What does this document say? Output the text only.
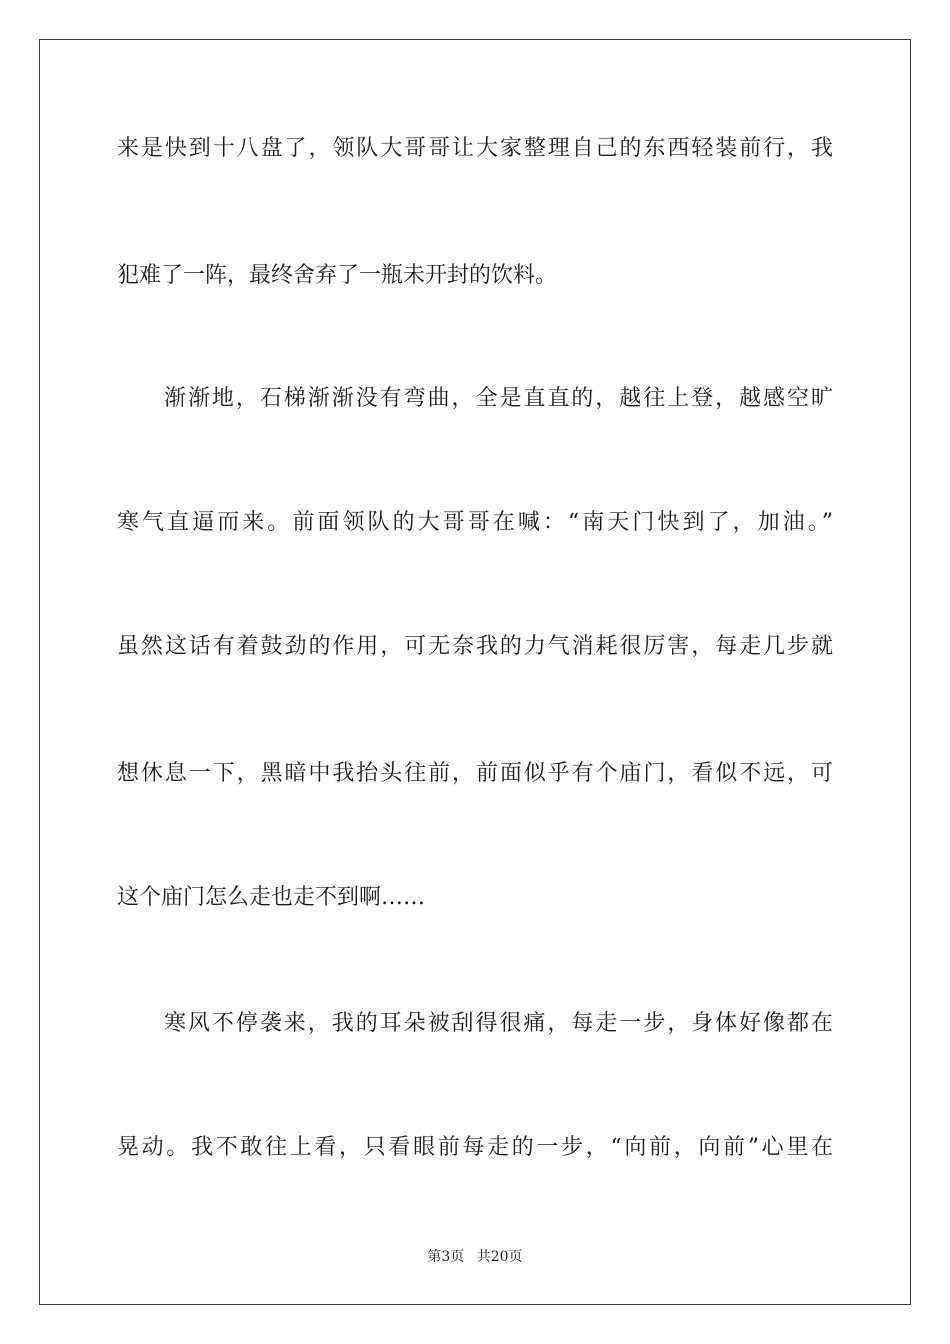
来是快到十八盘了，领队大哥哥让大家整理自己的东西轻装前行，我
犯难了一阵，最终舍弃了一瓶未开封的饮料。
渐渐地，石梯渐渐没有弯曲，全是直直的，越往上登，越感空旷
寒气直逼而来。前面领队的大哥哥在喊：“南天门快到了，加油。”
虽然这话有着鼓劲的作用，可无奈我的力气消耗很厉害，每走几步就
想休息一下，黑暗中我抬头往前，前面似乎有个庙门，看似不远，可
这个庙门怎么走也走不到啊……
寒风不停袭来，我的耳朵被刮得很痛，每走一步，身体好像都在
晃动。我不敢往上看，只看眼前每走的一步，“向前，向前”心里在
第3页 共20页
